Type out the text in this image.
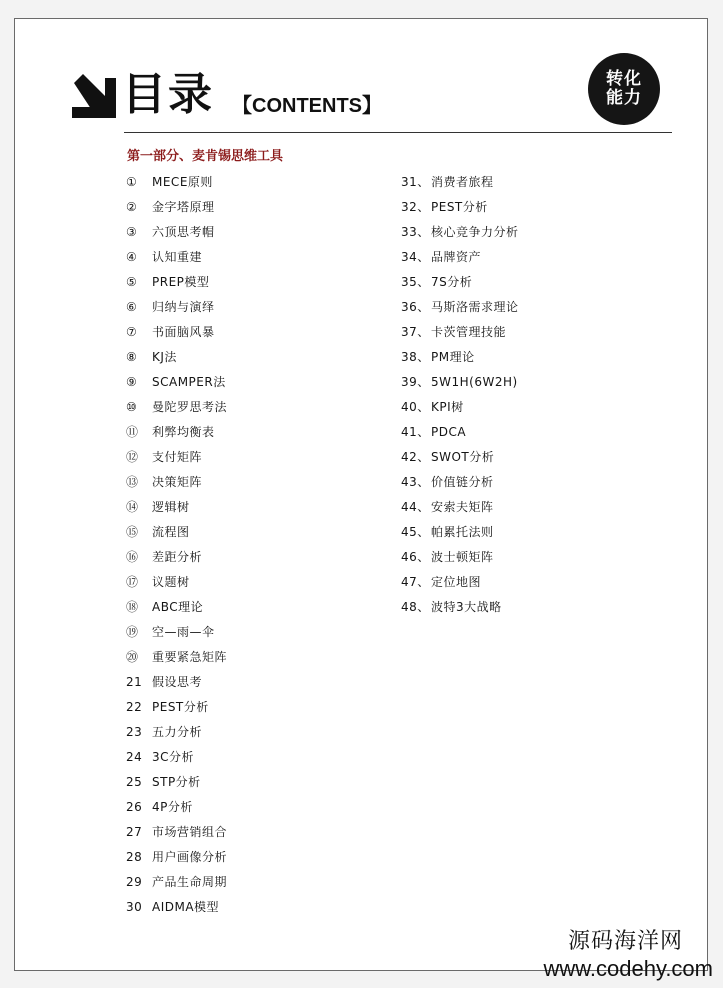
目录 【CONTENTS】
转化
能力
第一部分、麦肯锡思维工具
① MECE原则
② 金字塔原理
③ 六顶思考帽
④ 认知重建
⑤ PREP模型
⑥ 归纳与演绎
⑦ 书面脑风暴
⑧ KJ法
⑨ SCAMPER法
⑩ 曼陀罗思考法
⑪ 利弊均衡表
⑫ 支付矩阵
⑬ 决策矩阵
⑭ 逻辑树
⑮ 流程图
⑯ 差距分析
⑰ 议题树
⑱ ABC理论
⑲ 空—雨—伞
⑳ 重要紧急矩阵
21 假设思考
22 PEST分析
23 五力分析
24 3C分析
25 STP分析
26 4P分析
27 市场营销组合
28 用户画像分析
29 产品生命周期
30 AIDMA模型
31、消费者旅程
32、PEST分析
33、核心竞争力分析
34、品牌资产
35、7S分析
36、马斯洛需求理论
37、卡茨管理技能
38、PM理论
39、5W1H(6W2H)
40、KPI树
41、PDCA
42、SWOT分析
43、价值链分析
44、安索夫矩阵
45、帕累托法则
46、波士顿矩阵
47、定位地图
48、波特3大战略
源码海洋网
www.codehy.com
